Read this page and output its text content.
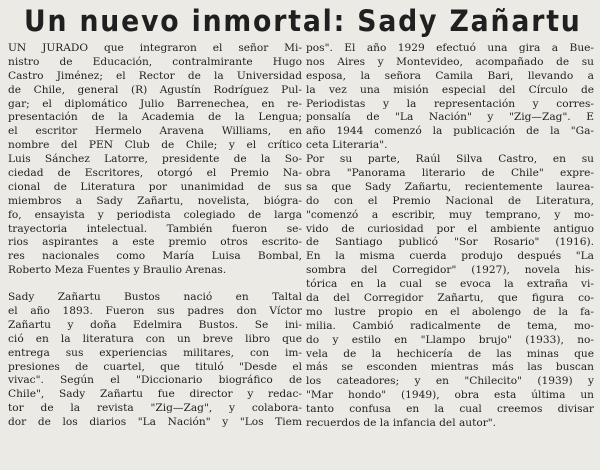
Un nuevo inmortal: Sady Zañartu
UN JURADO que integraron el señor Mi-
nistro de Educación, contralmirante Hugo
Castro Jiménez; el Rector de la Universidad
de Chile, general (R) Agustín Rodríguez Pul-
gar; el diplomático Julio Barrenechea, en re-
presentación de la Academia de la Lengua;
el escritor Hermelo Aravena Williams, en
nombre del PEN Club de Chile; y el crítico
Luis Sánchez Latorre, presidente de la So-
ciedad de Escritores, otorgó el Premio Na-
cional de Literatura por unanimidad de sus
miembros a Sady Zañartu, novelista, biógra-
fo, ensayista y periodista colegiado de larga
trayectoria intelectual. También fueron se-
rios aspirantes a este premio otros escrito-
res nacionales como María Luisa Bombal,
Roberto Meza Fuentes y Braulio Arenas.
Sady Zañartu Bustos nació en Taltal
el año 1893. Fueron sus padres don Víctor
Zañartu y doña Edelmira Bustos. Se ini-
ció en la literatura con un breve libro que
entrega sus experiencias militares, con im-
presiones de cuartel, que tituló "Desde el
vivac". Según el "Diccionario biográfico de
Chile", Sady Zañartu fue director y redac-
tor de la revista "Zig—Zag", y colabora-
dor de los diarios "La Nación" y "Los Tiem
pos". El año 1929 efectuó una gira a Bue-
nos Aires y Montevideo, acompañado de su
esposa, la señora Camila Bari, llevando a
la vez una misión especial del Círculo de
Periodistas y la representación y corres-
ponsalía de "La Nación" y "Zig—Zag". E
año 1944 comenzó la publicación de la "Ga-
ceta Literaria".
Por su parte, Raúl Silva Castro, en su
obra "Panorama literario de Chile" expre-
sa que Sady Zañartu, recientemente laurea-
do con el Premio Nacional de Literatura,
"comenzó a escribir, muy temprano, y mo-
vido de curiosidad por el ambiente antiguo
de Santiago publicó "Sor Rosario" (1916).
En la misma cuerda produjo después "La
sombra del Corregidor" (1927), novela his-
tórica en la cual se evoca la extraña vi-
da del Corregidor Zañartu, que figura co-
mo lustre propio en el abolengo de la fa-
milia. Cambió radicalmente de tema, mo-
do y estilo en "Llampo brujo" (1933), no-
vela de la hechicería de las minas que
más se esconden mientras más las buscan
los cateadores; y en "Chilecito" (1939) y
"Mar hondo" (1949), obra esta última un
tanto confusa en la cual creemos divisar
recuerdos de la infancia del autor".
